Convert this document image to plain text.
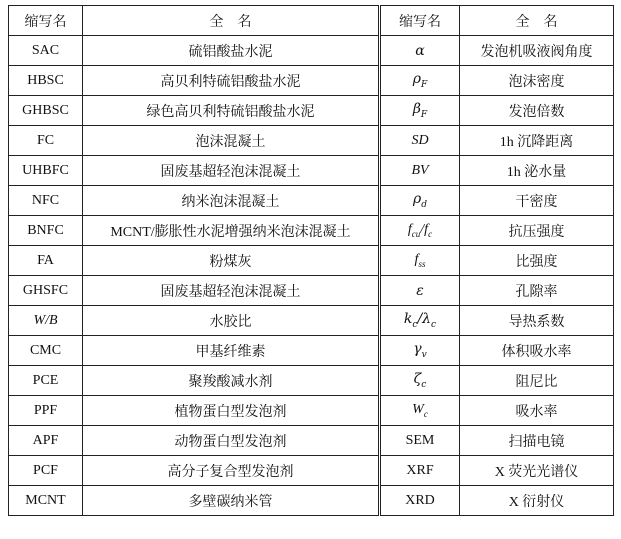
缩写名	全　名	缩写名	全　名
SAC	硫铝酸盐水泥	α	发泡机吸液阀角度
HBSC	高贝利特硫铝酸盐水泥	$\rho_F$	泡沫密度
GHBSC	绿色高贝利特硫铝酸盐水泥	$\beta_F$	发泡倍数
FC	泡沫混凝土	SD	1h 沉降距离
UHBFC	固废基超轻泡沫混凝土	BV	1h 泌水量
NFC	纳米泡沫混凝土	$\rho_d$	干密度
BNFC	MCNT/膨胀性水泥增强纳米泡沫混凝土	$f_{cu}/f_c$	抗压强度
FA	粉煤灰	$f_{ss}$	比强度
GHSFC	固废基超轻泡沫混凝土	ε	孔隙率
W/B	水胶比	$k_c/\lambda_c$	导热系数
CMC	甲基纤维素	$\gamma_v$	体积吸水率
PCE	聚羧酸减水剂	$\zeta_c$	阻尼比
PPF	植物蛋白型发泡剂	$W_c$	吸水率
APF	动物蛋白型发泡剂	SEM	扫描电镜
PCF	高分子复合型发泡剂	XRF	X 荧光光谱仪
MCNT	多壁碳纳米管	XRD	X 衍射仪
